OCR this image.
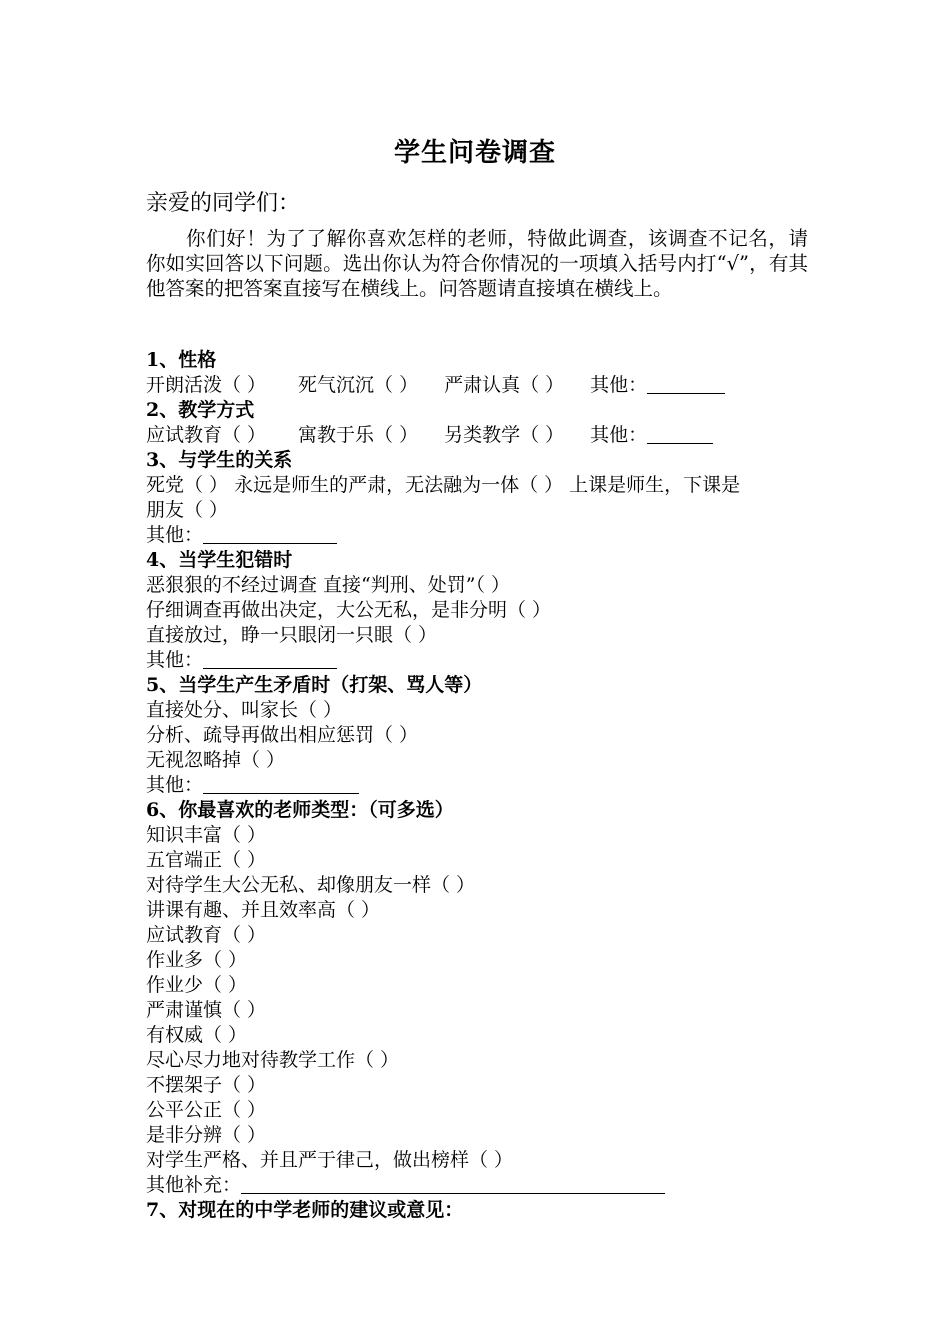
学生问卷调查
亲爱的同学们：
你们好！为了了解你喜欢怎样的老师，特做此调查，该调查不记名，请你如实回答以下问题。选出你认为符合你情况的一项填入括号内打“√”，有其他答案的把答案直接写在横线上。问答题请直接填在横线上。
1、性格
开朗活泼（ ） 死气沉沉（ ） 严肃认真（ ） 其他：
2、教学方式
应试教育（ ） 寓教于乐（ ） 另类教学（ ） 其他：
3、与学生的关系
死党（ ） 永远是师生的严肃，无法融为一体（ ） 上课是师生，下课是
朋友（ ）
其他：
4、当学生犯错时
恶狠狠的不经过调查 直接“判刑、处罚”（ ）
仔细调查再做出决定，大公无私，是非分明（ ）
直接放过，睁一只眼闭一只眼（ ）
其他：
5、当学生产生矛盾时（打架、骂人等）
直接处分、叫家长（ ）
分析、疏导再做出相应惩罚（ ）
无视忽略掉（ ）
其他：
6、你最喜欢的老师类型：（可多选）
知识丰富（ ）
五官端正（ ）
对待学生大公无私、却像朋友一样（ ）
讲课有趣、并且效率高（ ）
应试教育（ ）
作业多（ ）
作业少（ ）
严肃谨慎（ ）
有权威（ ）
尽心尽力地对待教学工作（ ）
不摆架子（ ）
公平公正（ ）
是非分辨（ ）
对学生严格、并且严于律己，做出榜样（ ）
其他补充：
7、对现在的中学老师的建议或意见：
